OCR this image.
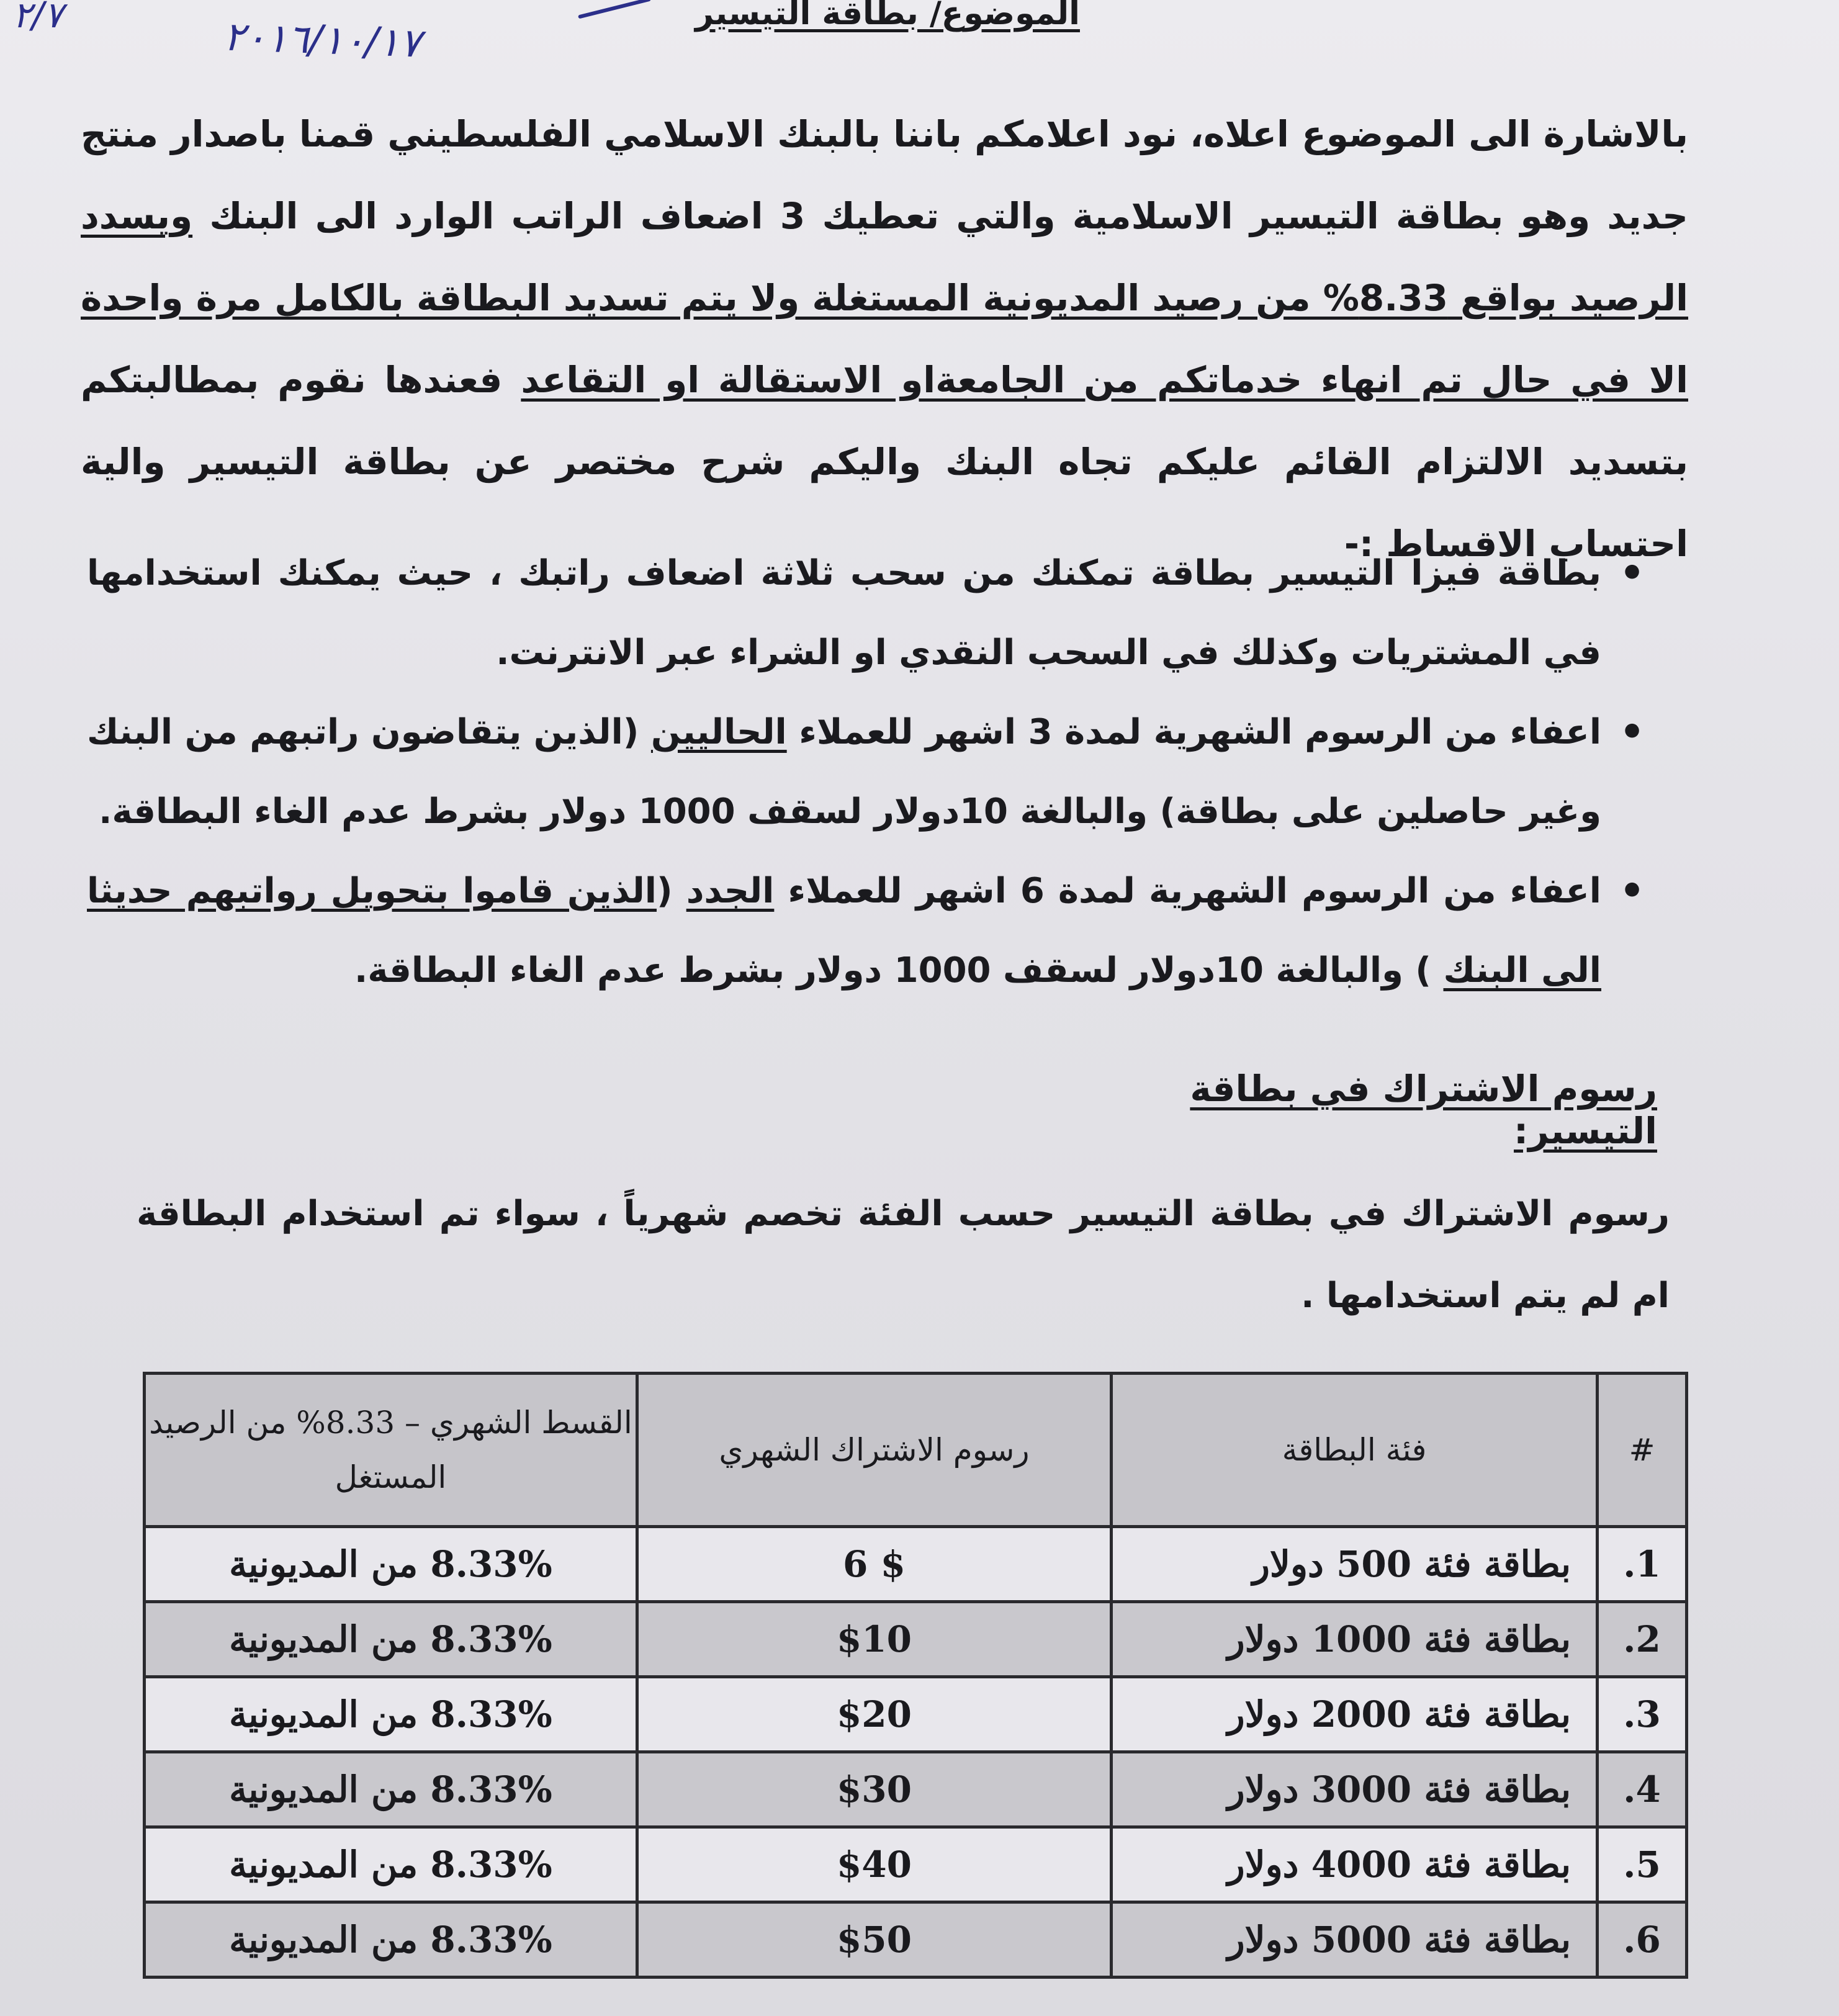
٢/٧	٢٠١٦/١٠/١٧
الموضوع/ بطاقة التيسير
بالاشارة الى الموضوع اعلاه، نود اعلامكم باننا بالبنك الاسلامي الفلسطيني قمنا باصدار منتج جديد وهو بطاقة التيسير الاسلامية والتي تعطيك 3 اضعاف الراتب الوارد الى البنك ويسدد الرصيد بواقع 8.33% من رصيد المديونية المستغلة ولا يتم تسديد البطاقة بالكامل مرة واحدة الا في حال تم انهاء خدماتكم من الجامعةاو الاستقالة او التقاعد فعندها نقوم بمطالبتكم بتسديد الالتزام القائم عليكم تجاه البنك واليكم شرح مختصر عن بطاقة التيسير والية احتساب الاقساط :-
• بطاقة فيزا التيسير بطاقة تمكنك من سحب ثلاثة اضعاف راتبك ، حيث يمكنك استخدامها في المشتريات وكذلك في السحب النقدي او الشراء عبر الانترنت.
• اعفاء من الرسوم الشهرية لمدة 3 اشهر للعملاء الحاليين (الذين يتقاضون راتبهم من البنك وغير حاصلين على بطاقة) والبالغة 10دولار لسقف 1000 دولار بشرط عدم الغاء البطاقة.
• اعفاء من الرسوم الشهرية لمدة 6 اشهر للعملاء الجدد (الذين قاموا بتحويل رواتبهم حديثا الى البنك ) والبالغة 10دولار لسقف 1000 دولار بشرط عدم الغاء البطاقة.
رسوم الاشتراك في بطاقة التيسير:
رسوم الاشتراك في بطاقة التيسير حسب الفئة تخصم شهرياً ، سواء تم استخدام البطاقة ام لم يتم استخدامها .
#	فئة البطاقة	رسوم الاشتراك الشهري	القسط الشهري – 8.33% من الرصيد المستغل
1.	بطاقة فئة 500 دولار	$ 6	8.33% من المديونية
2.	بطاقة فئة 1000 دولار	$10	8.33% من المديونية
3.	بطاقة فئة 2000 دولار	$20	8.33% من المديونية
4.	بطاقة فئة 3000 دولار	$30	8.33% من المديونية
5.	بطاقة فئة 4000 دولار	$40	8.33% من المديونية
6.	بطاقة فئة 5000 دولار	$50	8.33% من المديونية
